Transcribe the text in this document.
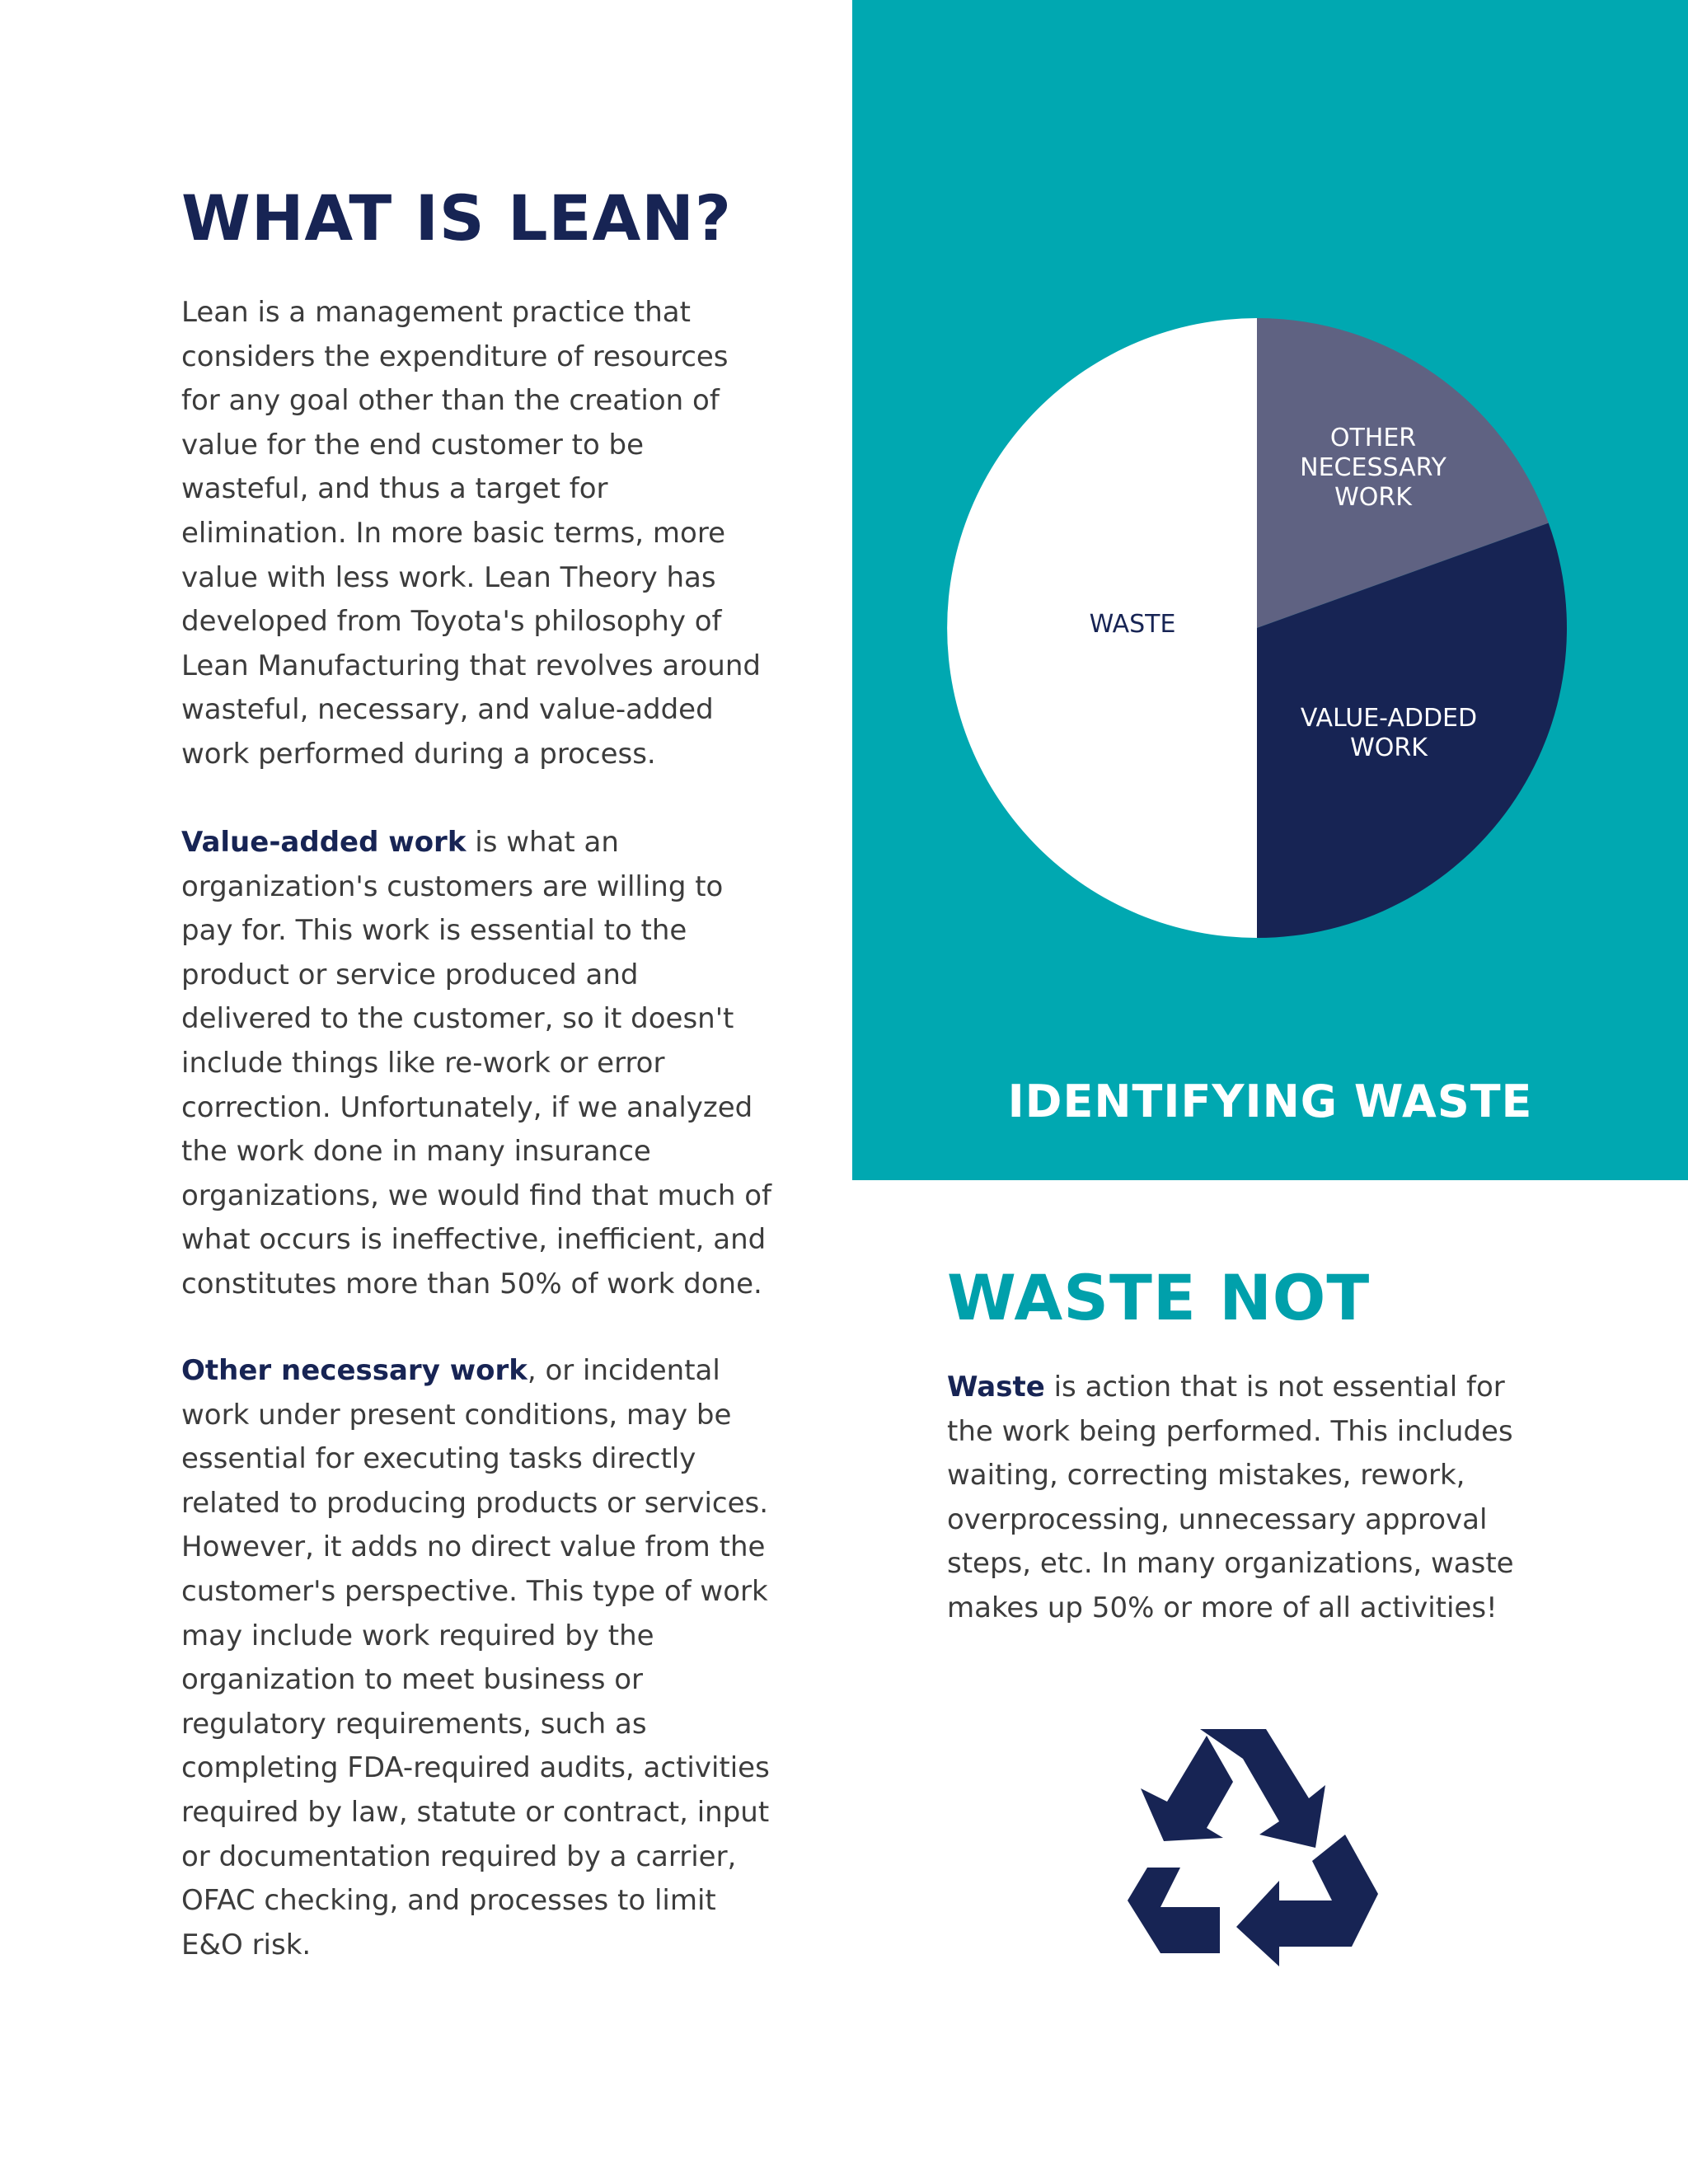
WHAT IS LEAN?

Lean is a management practice that considers the expenditure of resources for any goal other than the creation of value for the end customer to be wasteful, and thus a target for elimination. In more basic terms, more value with less work. Lean Theory has developed from Toyota's philosophy of Lean Manufacturing that revolves around wasteful, necessary, and value-added work performed during a process.

Value-added work is what an organization's customers are willing to pay for. This work is essential to the product or service produced and delivered to the customer, so it doesn't include things like re-work or error correction. Unfortunately, if we analyzed the work done in many insurance organizations, we would find that much of what occurs is ineffective, inefficient, and constitutes more than 50% of work done.

Other necessary work, or incidental work under present conditions, may be essential for executing tasks directly related to producing products or services. However, it adds no direct value from the customer's perspective. This type of work may include work required by the organization to meet business or regulatory requirements, such as completing FDA-required audits, activities required by law, statute or contract, input or documentation required by a carrier, OFAC checking, and processes to limit E&O risk.

OTHER
NECESSARY
WORK
VALUE-ADDED
WORK
WASTE
IDENTIFYING WASTE
WASTE NOT

Waste is action that is not essential for the work being performed. This includes waiting, correcting mistakes, rework, overprocessing, unnecessary approval steps, etc. In many organizations, waste makes up 50% or more of all activities!
